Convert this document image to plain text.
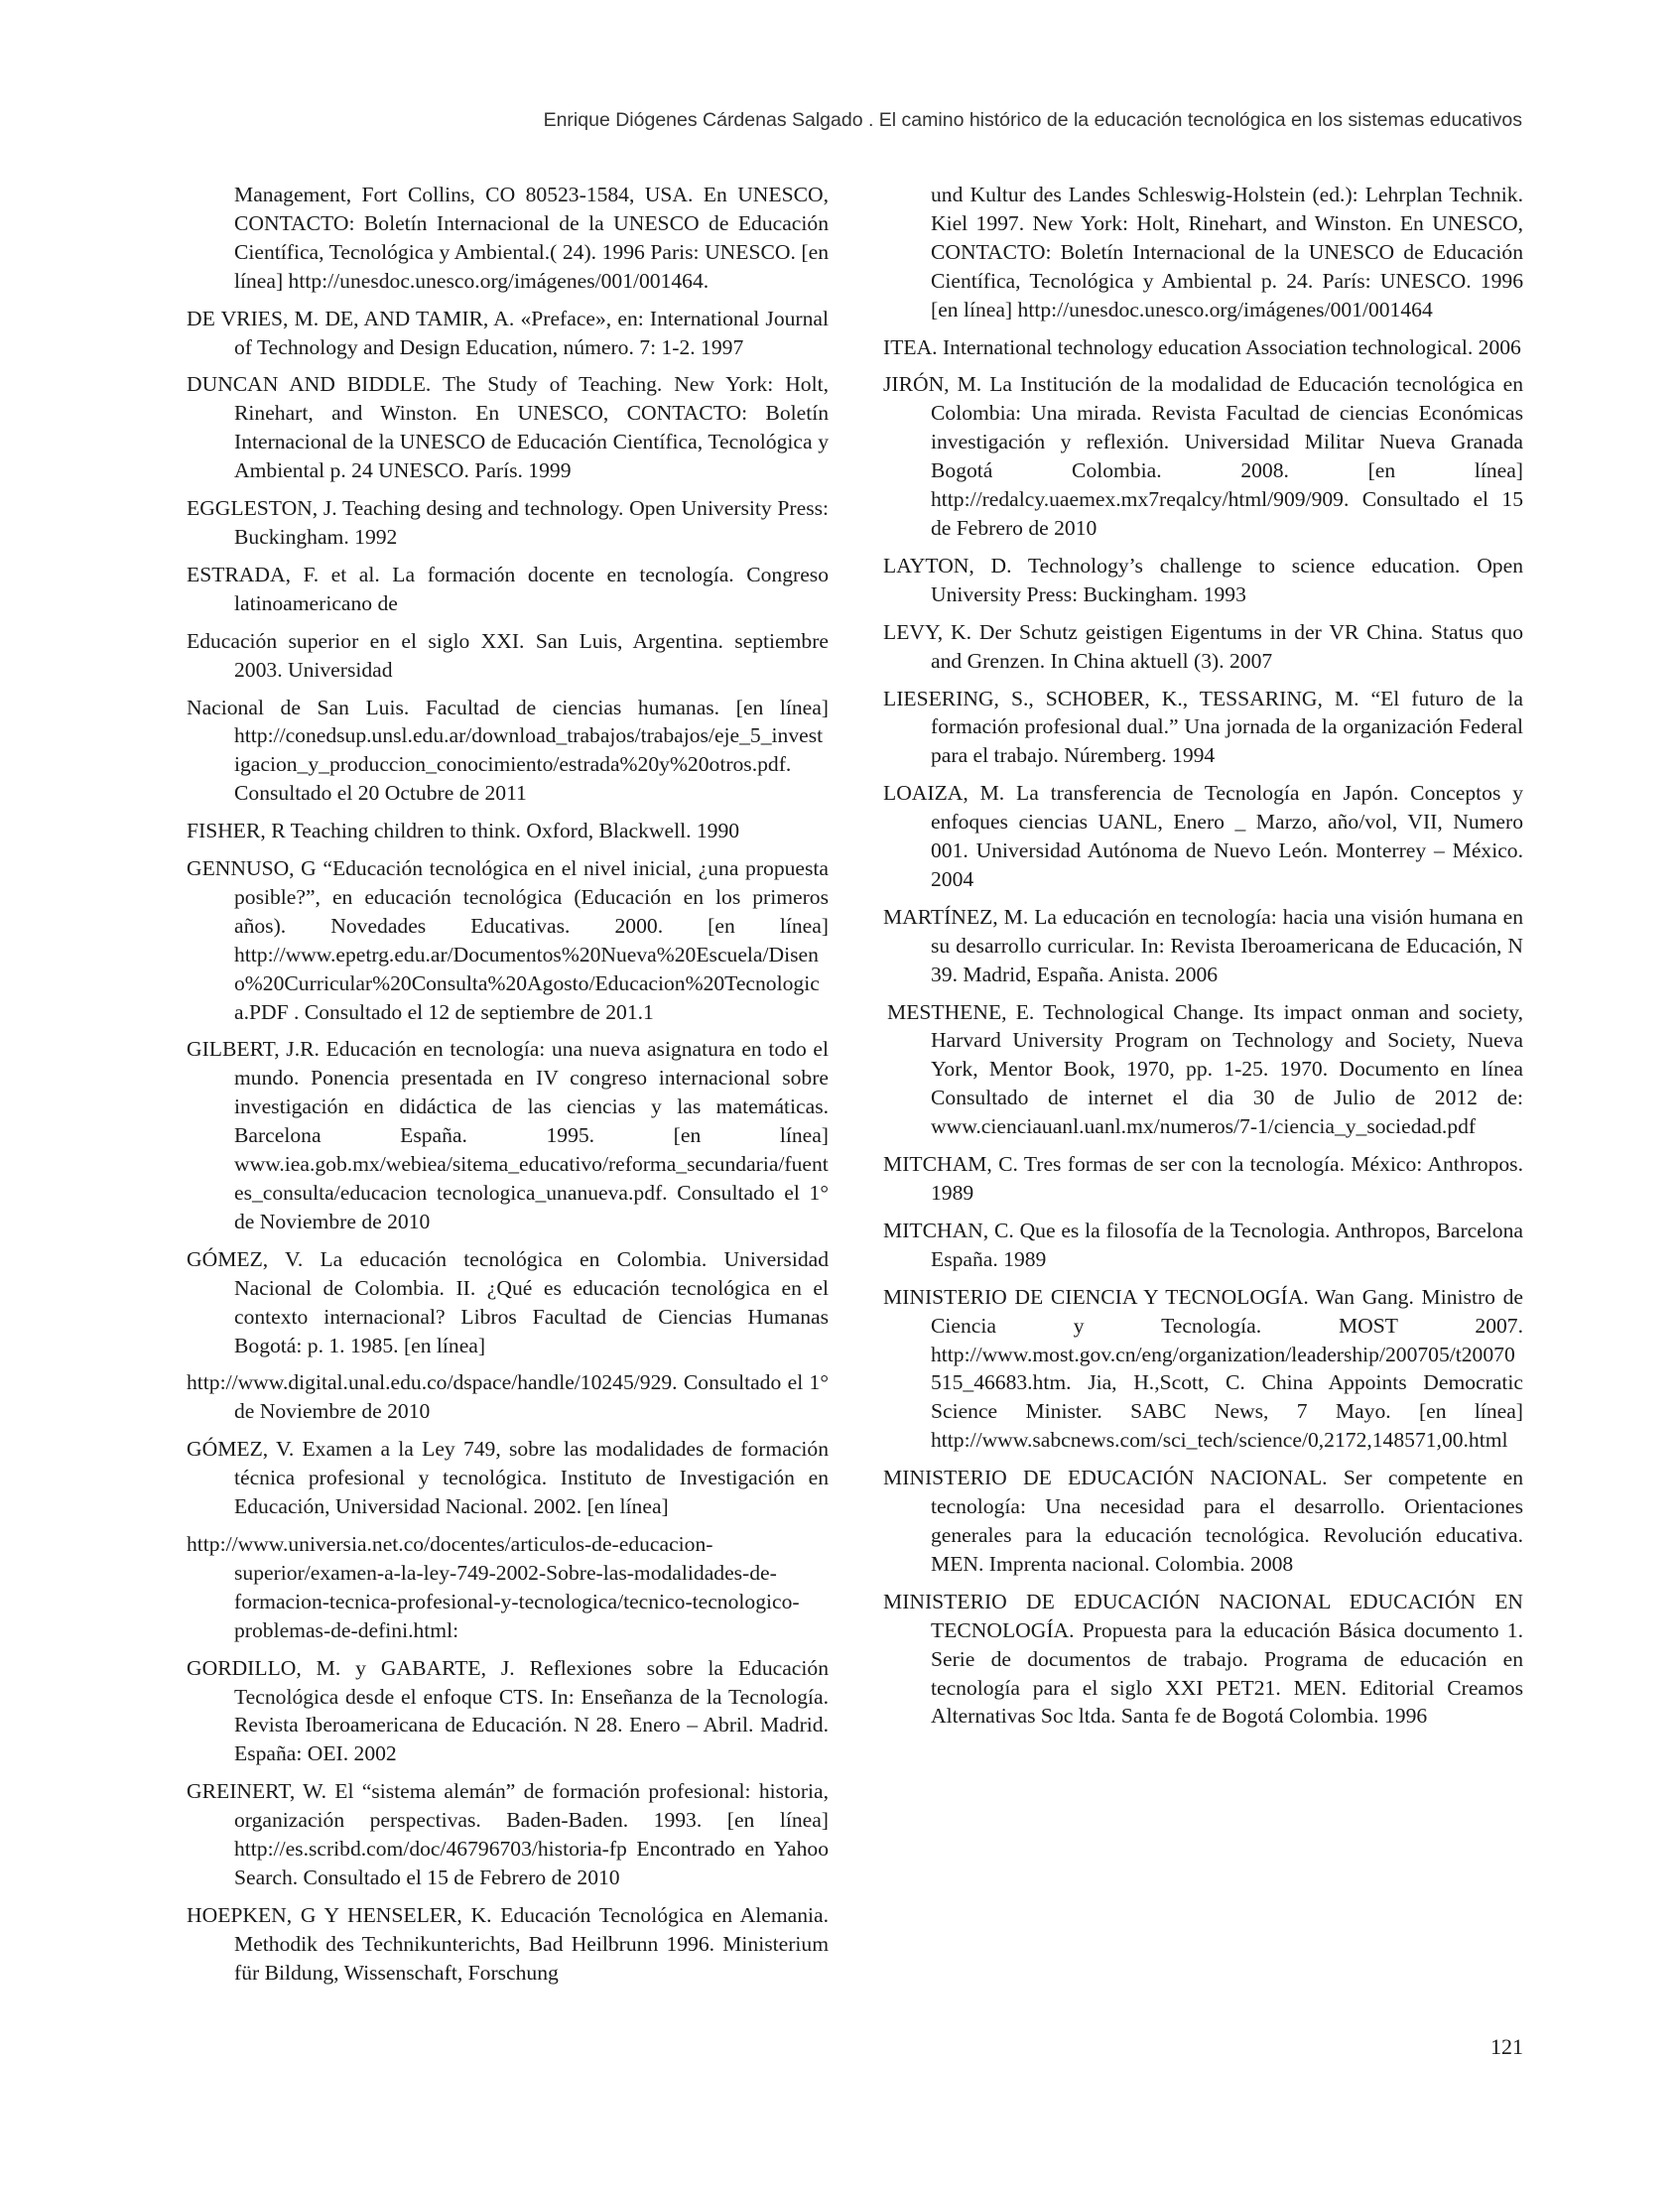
Enrique Diógenes Cárdenas Salgado . El camino histórico de la educación tecnológica en los sistemas educativos

Management, Fort Collins, CO 80523-1584, USA. En UNESCO, CONTACTO: Boletín Internacional de la UNESCO de Educación Científica, Tecnológica y Ambiental.( 24). 1996 Paris: UNESCO. [en línea] http://unesdoc.unesco.org/imágenes/001/001464.

DE VRIES, M. DE, AND TAMIR, A. «Preface», en: International Journal of Technology and Design Education, número. 7: 1-2. 1997

DUNCAN AND BIDDLE. The Study of Teaching. New York: Holt, Rinehart, and Winston. En UNESCO, CONTACTO: Boletín Internacional de la UNESCO de Educación Científica, Tecnológica y Ambiental p. 24 UNESCO. París. 1999

EGGLESTON, J. Teaching desing and technology. Open University Press: Buckingham. 1992

ESTRADA, F. et al. La formación docente en tecnología. Congreso latinoamericano de

Educación superior en el siglo XXI. San Luis, Argentina. septiembre 2003. Universidad

Nacional de San Luis. Facultad de ciencias humanas. [en línea] http://conedsup.unsl.edu.ar/download_trabajos/trabajos/eje_5_investigacion_y_produccion_conocimiento/estrada%20y%20otros.pdf. Consultado el 20 Octubre de 2011

FISHER, R Teaching children to think. Oxford, Blackwell. 1990

GENNUSO, G “Educación tecnológica en el nivel inicial, ¿una propuesta posible?”, en educación tecnológica (Educación en los primeros años). Novedades Educativas. 2000. [en línea] http://www.epetrg.edu.ar/Documentos%20Nueva%20Escuela/Diseno%20Curricular%20Consulta%20Agosto/Educacion%20Tecnologica.PDF . Consultado el 12 de septiembre de 201.1

GILBERT, J.R. Educación en tecnología: una nueva asignatura en todo el mundo. Ponencia presentada en IV congreso internacional sobre investigación en didáctica de las ciencias y las matemáticas. Barcelona España. 1995. [en línea] www.iea.gob.mx/webiea/sitema_educativo/reforma_secundaria/fuentes_consulta/educacion tecnologica_unanueva.pdf. Consultado el 1° de Noviembre de 2010

GÓMEZ, V. La educación tecnológica en Colombia. Universidad Nacional de Colombia. II. ¿Qué es educación tecnológica en el contexto internacional? Libros Facultad de Ciencias Humanas Bogotá: p. 1. 1985. [en línea]

http://www.digital.unal.edu.co/dspace/handle/10245/929. Consultado el 1° de Noviembre de 2010

GÓMEZ, V. Examen a la Ley 749, sobre las modalidades de formación técnica profesional y tecnológica. Instituto de Investigación en Educación, Universidad Nacional. 2002. [en línea]

http://www.universia.net.co/docentes/articulos-de-educacion-superior/examen-a-la-ley-749-2002-Sobre-las-modalidades-de-formacion-tecnica-profesional-y-tecnologica/tecnico-tecnologico-problemas-de-defini.html:

GORDILLO, M. y GABARTE, J. Reflexiones sobre la Educación Tecnológica desde el enfoque CTS. In: Enseñanza de la Tecnología. Revista Iberoamericana de Educación. N 28. Enero – Abril. Madrid. España: OEI. 2002

GREINERT, W. El “sistema alemán” de formación profesional: historia, organización perspectivas. Baden-Baden. 1993. [en línea] http://es.scribd.com/doc/46796703/historia-fp Encontrado en Yahoo Search. Consultado el 15 de Febrero de 2010

HOEPKEN, G Y HENSELER, K. Educación Tecnológica en Alemania. Methodik des Technikunterichts, Bad Heilbrunn 1996. Ministerium für Bildung, Wissenschaft, Forschung

und Kultur des Landes Schleswig-Holstein (ed.): Lehrplan Technik. Kiel 1997. New York: Holt, Rinehart, and Winston. En UNESCO, CONTACTO: Boletín Internacional de la UNESCO de Educación Científica, Tecnológica y Ambiental p. 24. París: UNESCO. 1996 [en línea] http://unesdoc.unesco.org/imágenes/001/001464

ITEA. International technology education Association technological. 2006

JIRÓN, M. La Institución de la modalidad de Educación tecnológica en Colombia: Una mirada. Revista Facultad de ciencias Económicas investigación y reflexión. Universidad Militar Nueva Granada Bogotá Colombia. 2008. [en línea] http://redalcy.uaemex.mx7reqalcy/html/909/909. Consultado el 15 de Febrero de 2010

LAYTON, D. Technology’s challenge to science education. Open University Press: Buckingham. 1993

LEVY, K. Der Schutz geistigen Eigentums in der VR China. Status quo and Grenzen. In China aktuell (3). 2007

LIESERING, S., SCHOBER, K., TESSARING, M. “El futuro de la formación profesional dual.” Una jornada de la organización Federal para el trabajo. Núremberg. 1994

LOAIZA, M. La transferencia de Tecnología en Japón. Conceptos y enfoques ciencias UANL, Enero _ Marzo, año/vol, VII, Numero 001. Universidad Autónoma de Nuevo León. Monterrey – México. 2004

MARTÍNEZ, M. La educación en tecnología: hacia una visión humana en su desarrollo curricular. In: Revista Iberoamericana de Educación, N 39. Madrid, España. Anista. 2006

MESTHENE, E. Technological Change. Its impact onman and society, Harvard University Program on Technology and Society, Nueva York, Mentor Book, 1970, pp. 1-25. 1970. Documento en línea Consultado de internet el dia 30 de Julio de 2012 de: www.cienciauanl.uanl.mx/numeros/7-1/ciencia_y_sociedad.pdf

MITCHAM, C. Tres formas de ser con la tecnología. México: Anthropos. 1989

MITCHAN, C. Que es la filosofía de la Tecnologia. Anthropos, Barcelona España. 1989

MINISTERIO DE CIENCIA Y TECNOLOGÍA. Wan Gang. Ministro de Ciencia y Tecnología. MOST 2007. http://www.most.gov.cn/eng/organization/leadership/200705/t20070515_46683.htm. Jia, H.,Scott, C. China Appoints Democratic Science Minister. SABC News, 7 Mayo. [en línea] http://www.sabcnews.com/sci_tech/science/0,2172,148571,00.html

MINISTERIO DE EDUCACIÓN NACIONAL. Ser competente en tecnología: Una necesidad para el desarrollo. Orientaciones generales para la educación tecnológica. Revolución educativa. MEN. Imprenta nacional. Colombia. 2008

MINISTERIO DE EDUCACIÓN NACIONAL EDUCACIÓN EN TECNOLOGÍA. Propuesta para la educación Básica documento 1. Serie de documentos de trabajo. Programa de educación en tecnología para el siglo XXI PET21. MEN. Editorial Creamos Alternativas Soc ltda. Santa fe de Bogotá Colombia. 1996

121
